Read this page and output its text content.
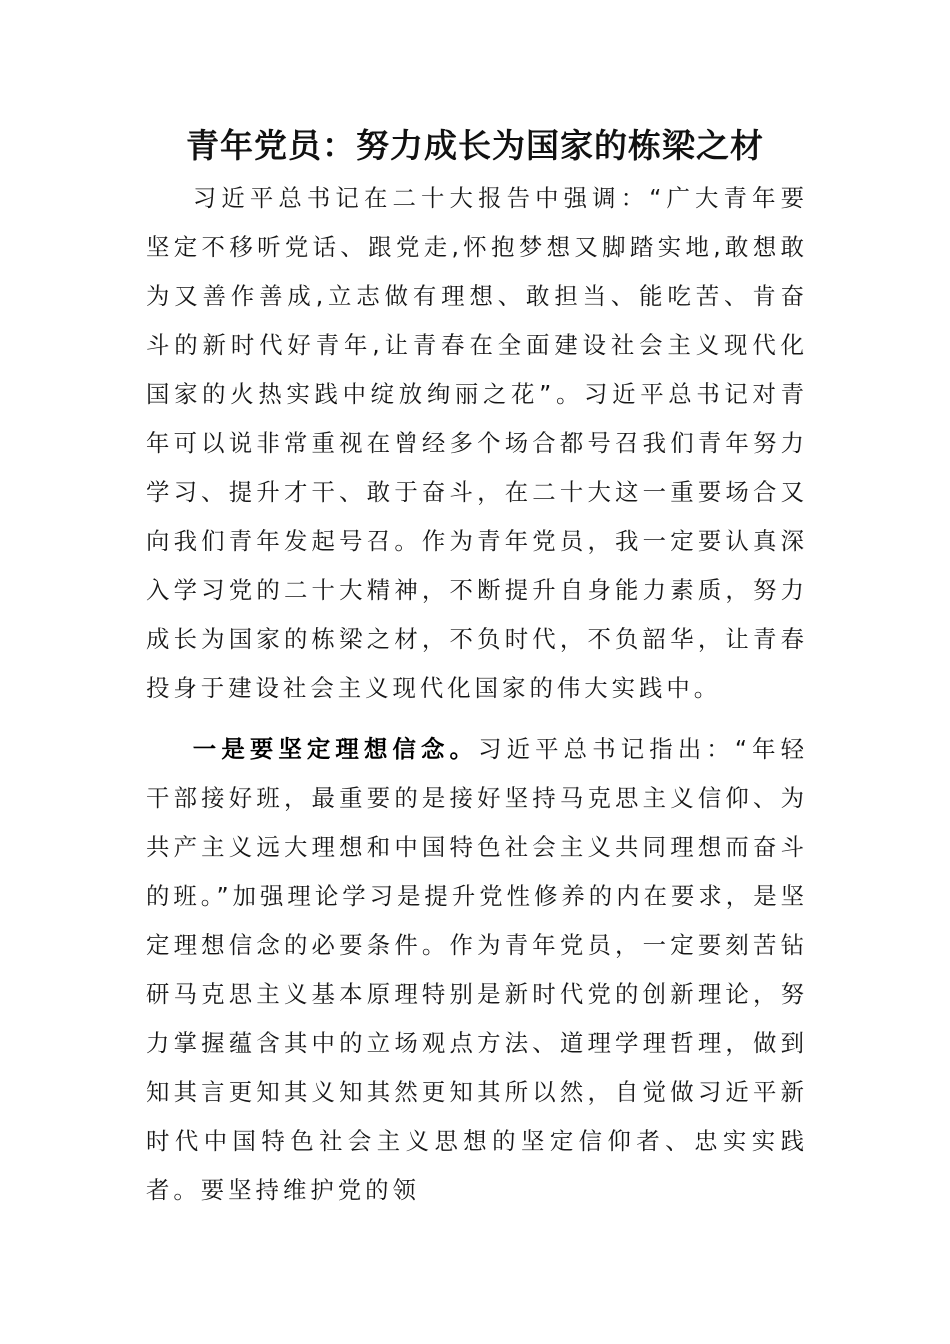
青年党员：努力成长为国家的栋梁之材

习近平总书记在二十大报告中强调：“广大青年要坚定不移听党话、跟党走,怀抱梦想又脚踏实地,敢想敢为又善作善成,立志做有理想、敢担当、能吃苦、肯奋斗的新时代好青年,让青春在全面建设社会主义现代化国家的火热实践中绽放绚丽之花”。习近平总书记对青年可以说非常重视在曾经多个场合都号召我们青年努力学习、提升才干、敢于奋斗，在二十大这一重要场合又向我们青年发起号召。作为青年党员，我一定要认真深入学习党的二十大精神，不断提升自身能力素质，努力成长为国家的栋梁之材，不负时代，不负韶华，让青春投身于建设社会主义现代化国家的伟大实践中。

一是要坚定理想信念。习近平总书记指出：“年轻干部接好班，最重要的是接好坚持马克思主义信仰、为共产主义远大理想和中国特色社会主义共同理想而奋斗的班。”加强理论学习是提升党性修养的内在要求，是坚定理想信念的必要条件。作为青年党员，一定要刻苦钻研马克思主义基本原理特别是新时代党的创新理论，努力掌握蕴含其中的立场观点方法、道理学理哲理，做到知其言更知其义知其然更知其所以然，自觉做习近平新时代中国特色社会主义思想的坚定信仰者、忠实实践者。要坚持维护党的领
